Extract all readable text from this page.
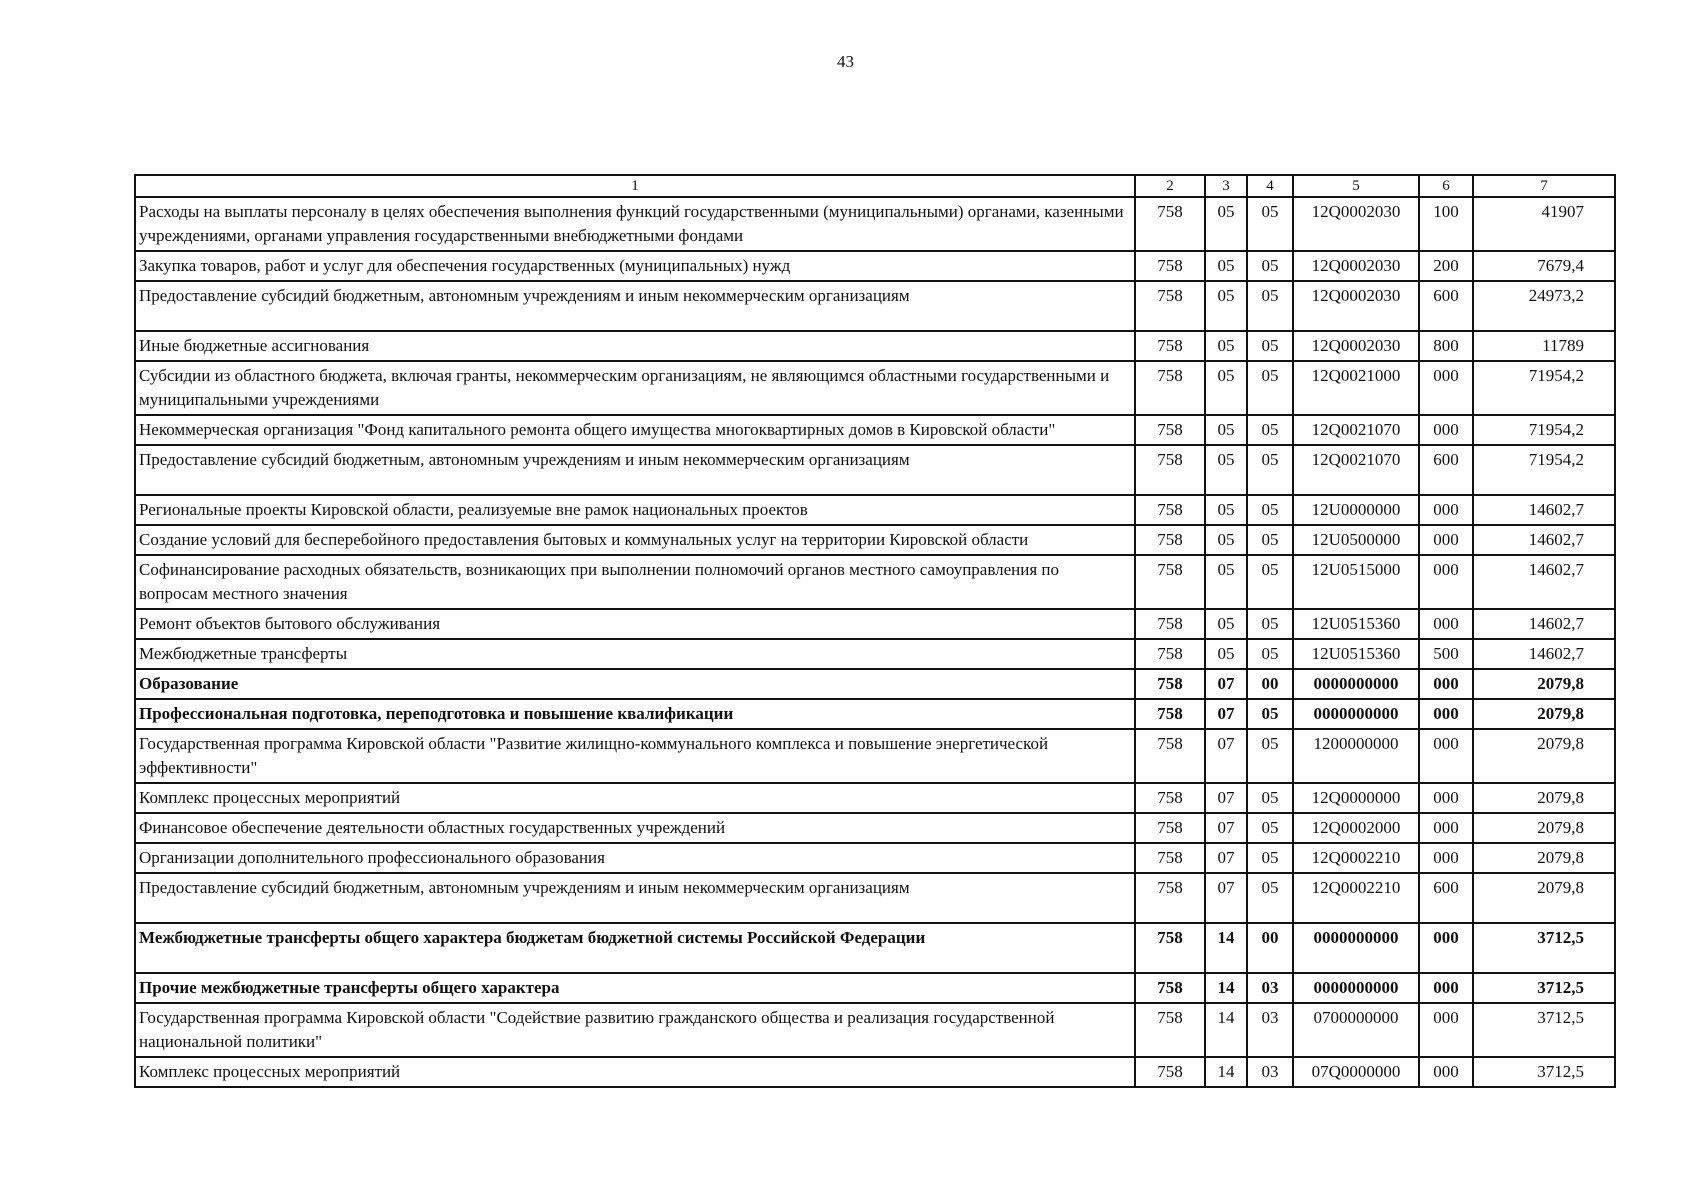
43
1	2	3	4	5	6	7
Расходы на выплаты персоналу в целях обеспечения выполнения функций государственными (муниципальными) органами, казенными учреждениями, органами управления государственными внебюджетными фондами	758	05	05	12Q0002030	100	41907
Закупка товаров, работ и услуг для обеспечения государственных (муниципальных) нужд	758	05	05	12Q0002030	200	7679,4
Предоставление субсидий бюджетным, автономным учреждениям и иным некоммерческим организациям	758	05	05	12Q0002030	600	24973,2
Иные бюджетные ассигнования	758	05	05	12Q0002030	800	11789
Субсидии из областного бюджета, включая гранты, некоммерческим организациям, не являющимся областными государственными и муниципальными учреждениями	758	05	05	12Q0021000	000	71954,2
Некоммерческая организация "Фонд капитального ремонта общего имущества многоквартирных домов в Кировской области"	758	05	05	12Q0021070	000	71954,2
Предоставление субсидий бюджетным, автономным учреждениям и иным некоммерческим организациям	758	05	05	12Q0021070	600	71954,2
Региональные проекты Кировской области, реализуемые вне рамок национальных проектов	758	05	05	12U0000000	000	14602,7
Создание условий для бесперебойного предоставления бытовых и коммунальных услуг на территории Кировской области	758	05	05	12U0500000	000	14602,7
Софинансирование расходных обязательств, возникающих при выполнении полномочий органов местного самоуправления по вопросам местного значения	758	05	05	12U0515000	000	14602,7
Ремонт объектов бытового обслуживания	758	05	05	12U0515360	000	14602,7
Межбюджетные трансферты	758	05	05	12U0515360	500	14602,7
Образование	758	07	00	0000000000	000	2079,8
Профессиональная подготовка, переподготовка и повышение квалификации	758	07	05	0000000000	000	2079,8
Государственная программа Кировской области "Развитие жилищно-коммунального комплекса и повышение энергетической эффективности"	758	07	05	1200000000	000	2079,8
Комплекс процессных мероприятий	758	07	05	12Q0000000	000	2079,8
Финансовое обеспечение деятельности областных государственных учреждений	758	07	05	12Q0002000	000	2079,8
Организации дополнительного профессионального образования	758	07	05	12Q0002210	000	2079,8
Предоставление субсидий бюджетным, автономным учреждениям и иным некоммерческим организациям	758	07	05	12Q0002210	600	2079,8
Межбюджетные трансферты общего характера бюджетам бюджетной системы Российской Федерации	758	14	00	0000000000	000	3712,5
Прочие межбюджетные трансферты общего характера	758	14	03	0000000000	000	3712,5
Государственная программа Кировской области "Содействие развитию гражданского общества и реализация государственной национальной политики"	758	14	03	0700000000	000	3712,5
Комплекс процессных мероприятий	758	14	03	07Q0000000	000	3712,5
